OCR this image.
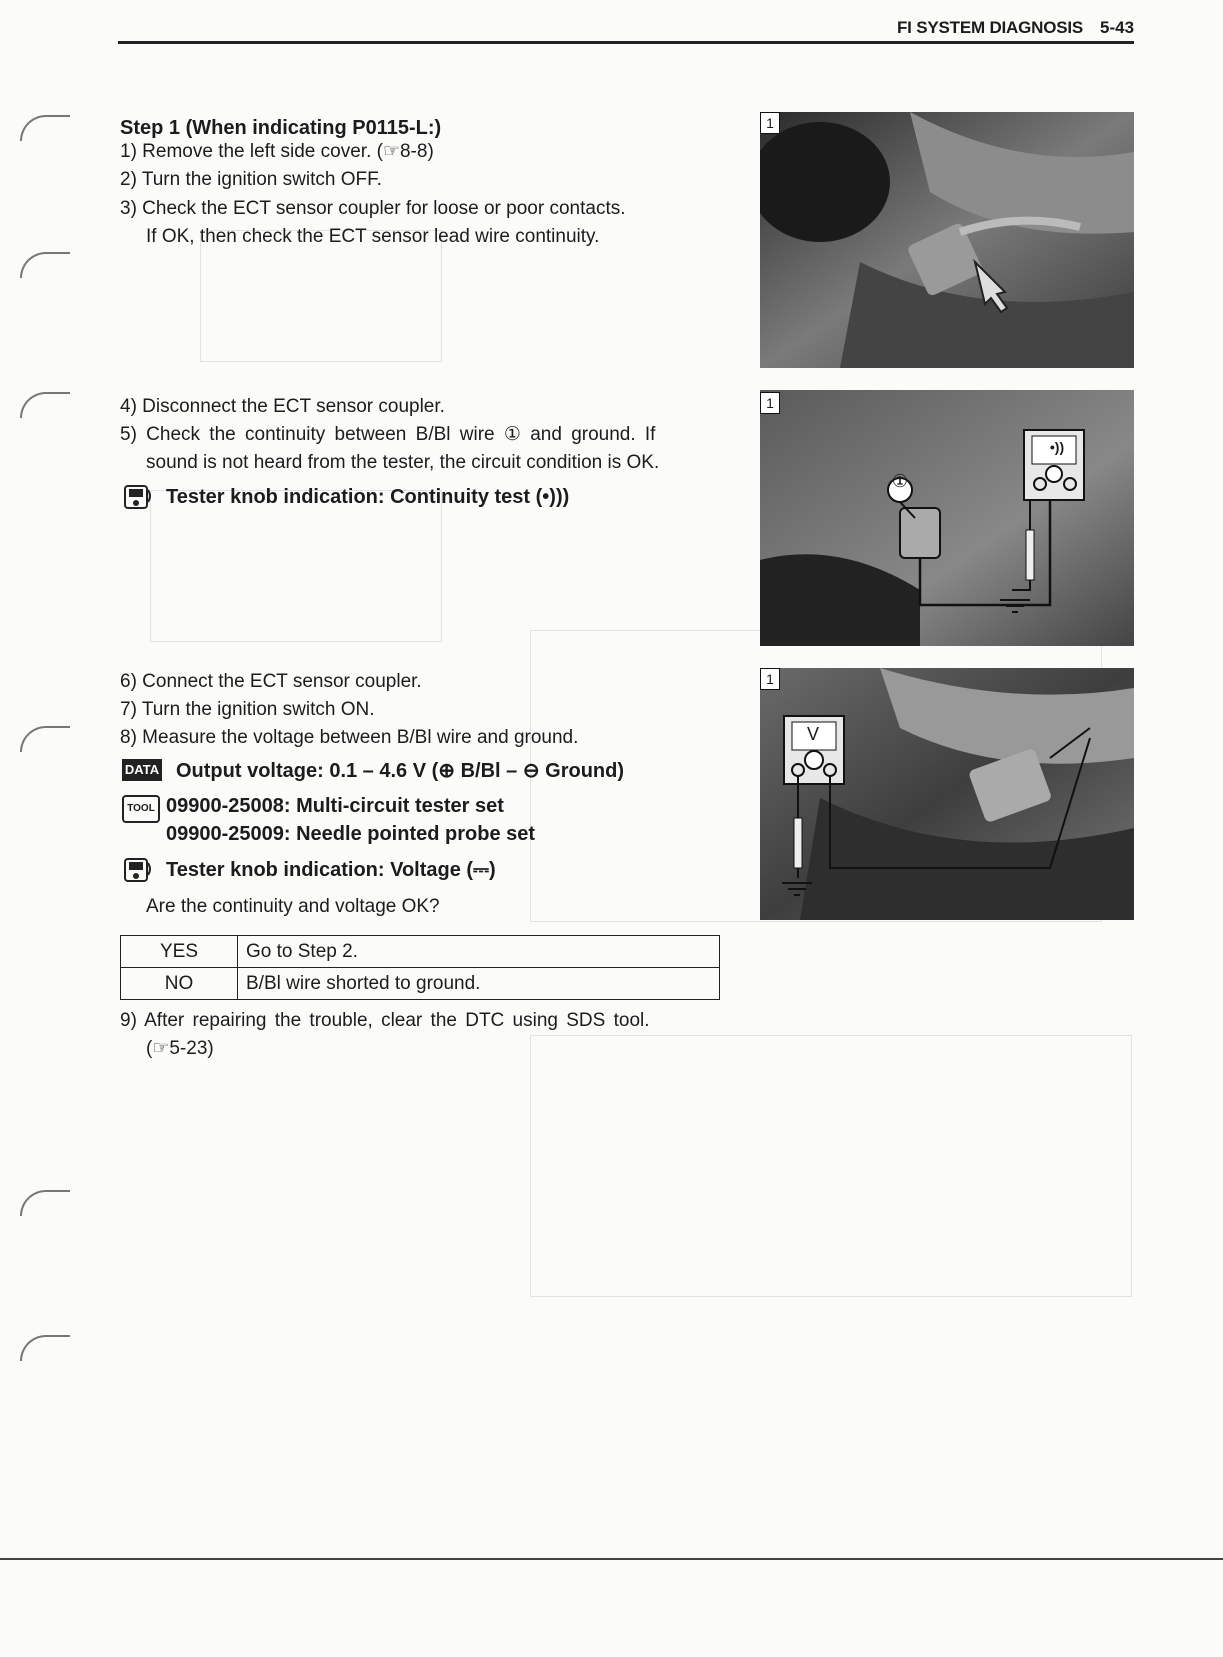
FI SYSTEM DIAGNOSIS 5-43
Step 1 (When indicating P0115-L:)
1) Remove the left side cover. (☞8-8)
2) Turn the ignition switch OFF.
3) Check the ECT sensor coupler for loose or poor contacts.
If OK, then check the ECT sensor lead wire continuity.
4) Disconnect the ECT sensor coupler.
5) Check the continuity between B/Bl wire ① and ground. If
sound is not heard from the tester, the circuit condition is OK.
Tester knob indication: Continuity test (•)))
6) Connect the ECT sensor coupler.
7) Turn the ignition switch ON.
8) Measure the voltage between B/Bl wire and ground.
DATA Output voltage: 0.1 – 4.6 V (⊕ B/Bl – ⊖ Ground)
TOOL 09900-25008: Multi-circuit tester set
09900-25009: Needle pointed probe set
Tester knob indication: Voltage (⎓)
Are the continuity and voltage OK?
YES	Go to Step 2.
NO	B/Bl wire shorted to ground.
9) After repairing the trouble, clear the DTC using SDS tool.
(☞5-23)
1
①
•))
1
V
1
